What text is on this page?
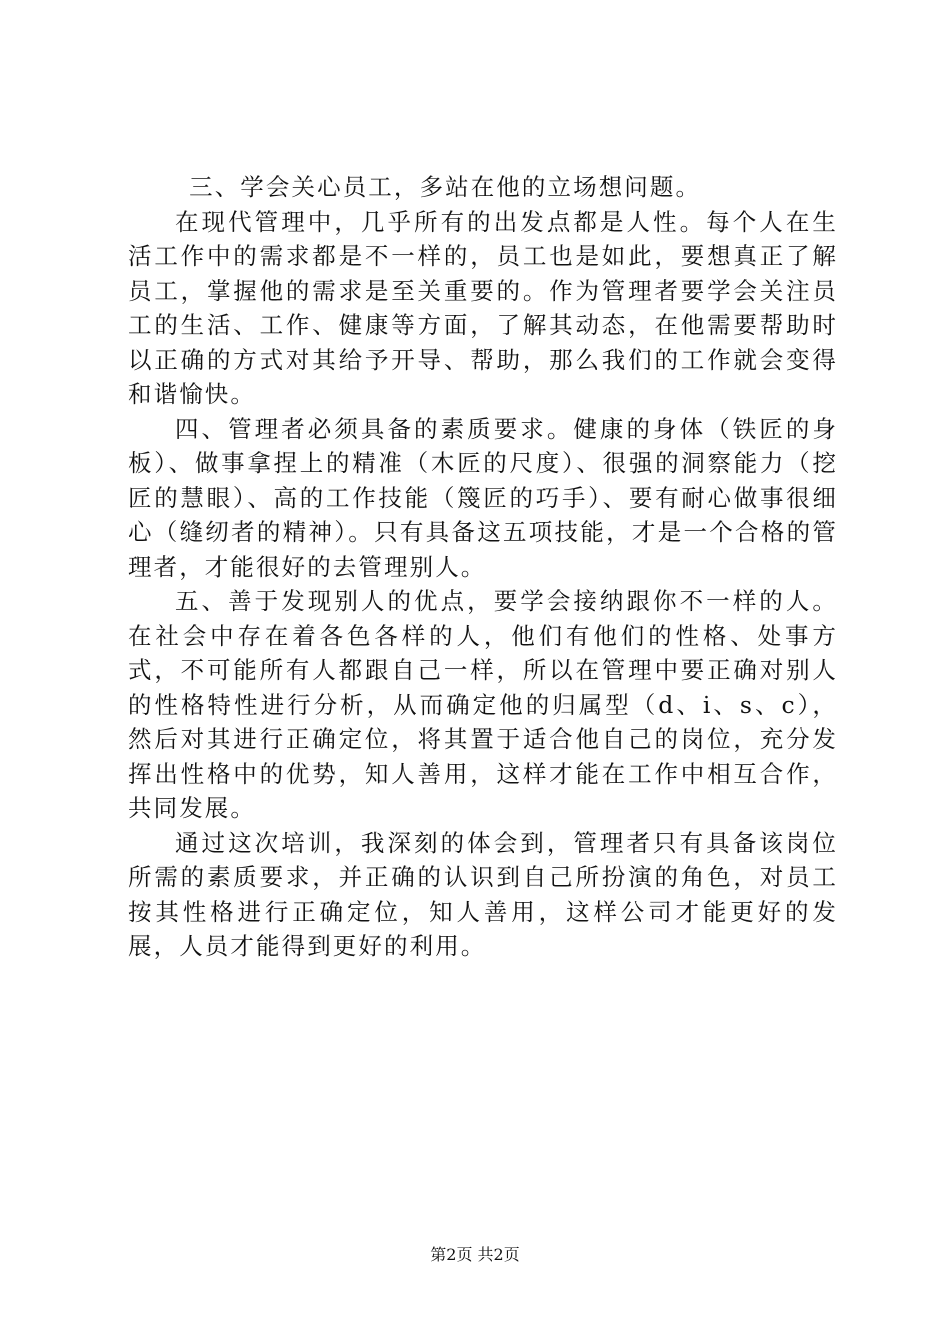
三、学会关心员工，多站在他的立场想问题。

在现代管理中，几乎所有的出发点都是人性。每个人在生活工作中的需求都是不一样的，员工也是如此，要想真正了解员工，掌握他的需求是至关重要的。作为管理者要学会关注员工的生活、工作、健康等方面，了解其动态，在他需要帮助时以正确的方式对其给予开导、帮助，那么我们的工作就会变得和谐愉快。

四、管理者必须具备的素质要求。健康的身体（铁匠的身板）、做事拿捏上的精准（木匠的尺度）、很强的洞察能力（挖匠的慧眼）、高的工作技能（篾匠的巧手）、要有耐心做事很细心（缝纫者的精神）。只有具备这五项技能，才是一个合格的管理者，才能很好的去管理别人。

五、善于发现别人的优点，要学会接纳跟你不一样的人。在社会中存在着各色各样的人，他们有他们的性格、处事方式，不可能所有人都跟自己一样，所以在管理中要正确对别人的性格特性进行分析，从而确定他的归属型（d、i、s、c），然后对其进行正确定位，将其置于适合他自己的岗位，充分发挥出性格中的优势，知人善用，这样才能在工作中相互合作，共同发展。

通过这次培训，我深刻的体会到，管理者只有具备该岗位所需的素质要求，并正确的认识到自己所扮演的角色，对员工按其性格进行正确定位，知人善用，这样公司才能更好的发展，人员才能得到更好的利用。

第2页 共2页
